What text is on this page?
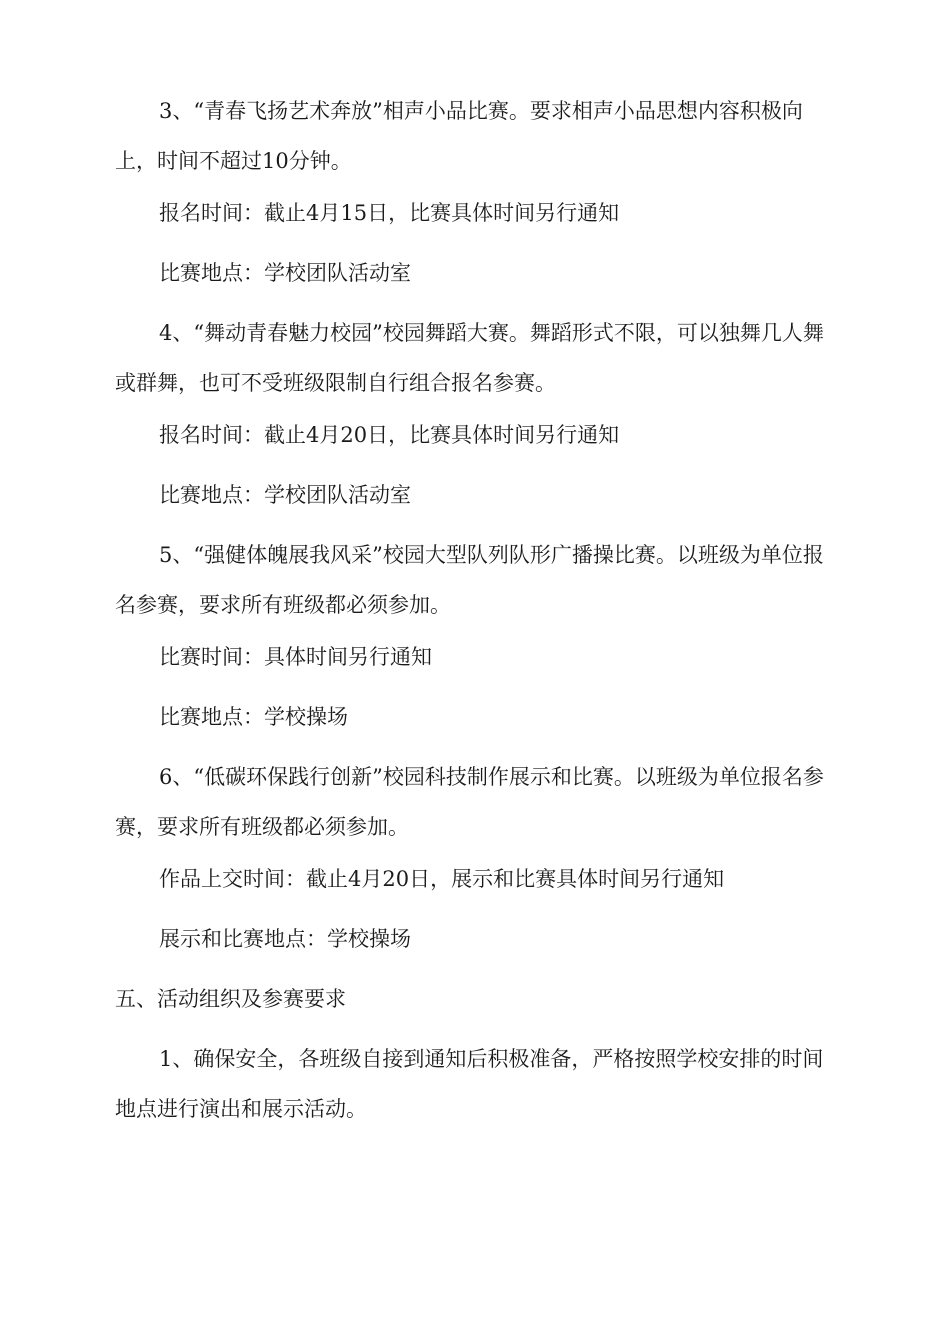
3、“青春飞扬艺术奔放”相声小品比赛。要求相声小品思想内容积极向上，时间不超过10分钟。

报名时间：截止4月15日，比赛具体时间另行通知

比赛地点：学校团队活动室

4、“舞动青春魅力校园”校园舞蹈大赛。舞蹈形式不限，可以独舞几人舞或群舞，也可不受班级限制自行组合报名参赛。

报名时间：截止4月20日，比赛具体时间另行通知

比赛地点：学校团队活动室

5、“强健体魄展我风采”校园大型队列队形广播操比赛。以班级为单位报名参赛，要求所有班级都必须参加。

比赛时间：具体时间另行通知

比赛地点：学校操场

6、“低碳环保践行创新”校园科技制作展示和比赛。以班级为单位报名参赛，要求所有班级都必须参加。

作品上交时间：截止4月20日，展示和比赛具体时间另行通知

展示和比赛地点：学校操场

五、活动组织及参赛要求

1、确保安全，各班级自接到通知后积极准备，严格按照学校安排的时间地点进行演出和展示活动。
